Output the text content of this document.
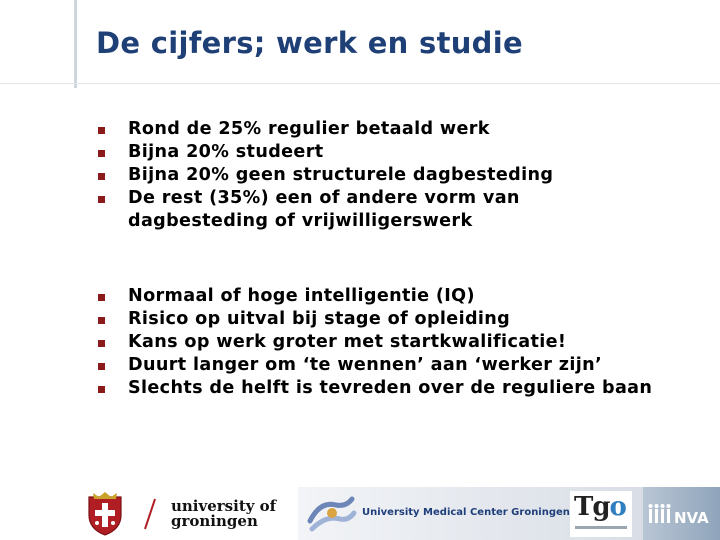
De cijfers; werk en studie
Rond de 25% regulier betaald werk
Bijna 20% studeert
Bijna 20% geen structurele dagbesteding
De rest (35%) een of andere vorm van
dagbesteding of vrijwilligerswerk
Normaal of hoge intelligentie (IQ)
Risico op uitval bij stage of opleiding
Kans op werk groter met startkwalificatie!
Duurt langer om ‘te wennen’ aan ‘werker zijn’
Slechts de helft is tevreden over de reguliere baan
university of
groningen	University Medical Center Groningen Tgo	NVA
